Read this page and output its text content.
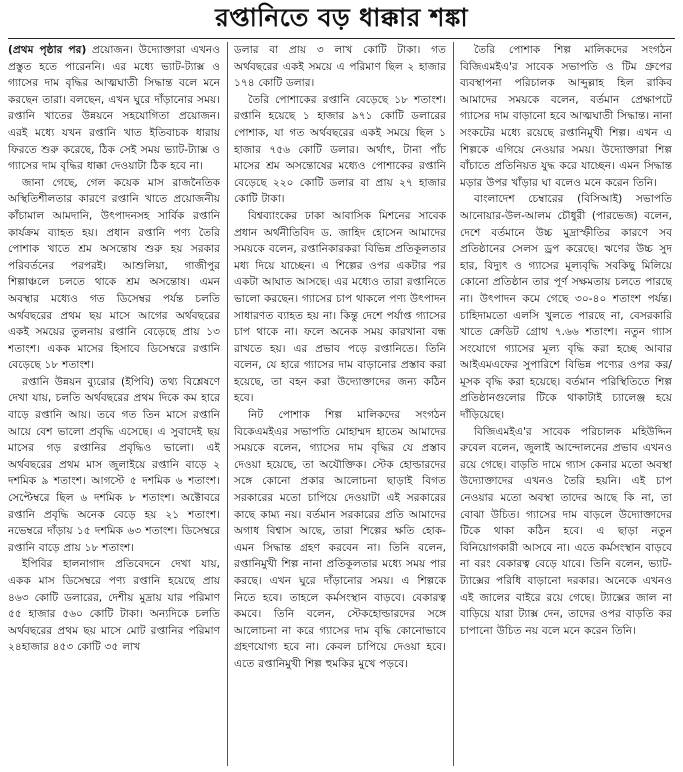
রপ্তানিতে বড় ধাক্কার শঙ্কা

(প্রথম পৃষ্ঠার পর) প্রয়োজন। উদ্যোক্তারা এখনও প্রস্তুত হতে পারেননি। এর মধ্যে ভ্যাট-ট্যাক্স ও গ্যাসের দাম বৃদ্ধির আত্মঘাতী সিদ্ধান্ত বলে মনে করছেন তারা। বলছেন, এখন ঘুরে দাঁড়ানোর সময়। রপ্তানি খাতের উন্নয়নে সহযোগিতা প্রয়োজন। এরই মধ্যে যখন রপ্তানি খাত ইতিবাচক ধারায় ফিরতে শুরু করেছে, ঠিক সেই সময় ভ্যাট-ট্যাক্স ও গ্যাসের দাম বৃদ্ধির ধাক্কা দেওয়াটা ঠিক হবে না।

জানা গেছে, গেল কয়েক মাস রাজনৈতিক অস্থিতিশীলতার কারণে রপ্তানি খাতে প্রয়োজনীয় কাঁচামাল আমদানি, উৎপাদনসহ সার্বিক রপ্তানি কার্যক্রম ব্যাহত হয়। প্রধান রপ্তানি পণ্য তৈরি পোশাক খাতে শ্রম অসন্তোষ শুরু হয় সরকার পরিবর্তনের পরপরই। আশুলিয়া, গাজীপুর শিল্পাঞ্চলে চলতে থাকে শ্রম অসন্তোষ। এমন অবস্থার মধ্যেও গত ডিসেম্বর পর্যন্ত চলতি অর্থবছরের প্রথম ছয় মাসে আগের অর্থবছরের একই সময়ের তুলনায় রপ্তানি বেড়েছে প্রায় ১৩ শতাংশ। একক মাসের হিসাবে ডিসেম্বরে রপ্তানি বেড়েছে ১৮ শতাংশ।

রপ্তানি উন্নয়ন ব্যুরোর (ইপিবি) তথ্য বিশ্লেষণে দেখা যায়, চলতি অর্থবছরের প্রথম দিকে কম হারে বাড়ে রপ্তানি আয়। তবে গত তিন মাসে রপ্তানি আয়ে বেশ ভালো প্রবৃদ্ধি এসেছে। এ সুবাদেই ছয় মাসের গড় রপ্তানির প্রবৃদ্ধিও ভালো। এই অর্থবছরের প্রথম মাস জুলাইয়ে রপ্তানি বাড়ে ২ দশমিক ৯ শতাংশ। আগস্টে ৫ দশমিক ৬ শতাংশ। সেপ্টেম্বরে ছিল ৬ দশমিক ৮ শতাংশ। অক্টোবরে রপ্তানি প্রবৃদ্ধি অনেক বেড়ে হয় ২১ শতাংশ। নভেম্বরে দাঁড়ায় ১৫ দশমিক ৬৩ শতাংশ। ডিসেম্বরে রপ্তানি বাড়ে প্রায় ১৮ শতাংশ।

ইপিবির হালনাগাদ প্রতিবেদনে দেখা যায়, একক মাস ডিসেম্বরে পণ্য রপ্তানি হয়েছে প্রায় ৪৬৩ কোটি ডলারের, দেশীয় মুদ্রায় যার পরিমাণ ৫৫ হাজার ৫৬০ কোটি টাকা। অন্যদিকে চলতি অর্থবছরের প্রথম ছয় মাসে মোট রপ্তানির পরিমাণ ২৪হাজার ৪৫৩ কোটি ৩৫ লাখ

ডলার বা প্রায় ৩ লাখ কোটি টাকা। গত অর্থবছরের একই সময়ে এ পরিমাণ ছিল ২ হাজার ১৭৪ কোটি ডলার।

তৈরি পোশাকের রপ্তানি বেড়েছে ১৮ শতাংশ। রপ্তানি হয়েছে ১ হাজার ৯৭১ কোটি ডলারের পোশাক, যা গত অর্থবছরের একই সময়ে ছিল ১ হাজার ৭৫৬ কোটি ডলার। অর্থাৎ, টানা পাঁচ মাসের শ্রম অসন্তোষের মধ্যেও পোশাকের রপ্তানি বেড়েছে ২২০ কোটি ডলার বা প্রায় ২৭ হাজার কোটি টাকা।

বিশ্বব্যাংকের ঢাকা আবাসিক মিশনের সাবেক প্রধান অর্থনীতিবিদ ড. জাহিদ হোসেন আমাদের সময়কে বলেন, রপ্তানিকারকরা বিভিন্ন প্রতিকূলতার মধ্য দিয়ে যাচ্ছেন। এ শিল্পের ওপর একটার পর একটা আঘাত আসছে। এর মধ্যেও তারা রপ্তানিতে ভালো করছেন। গ্যাসের চাপ থাকলে পণ্য উৎপাদন সাধারণত ব্যাহত হয় না। কিন্তু দেশে পর্যাপ্ত গ্যাসের চাপ থাকে না। ফলে অনেক সময় কারখানা বন্ধ রাখতে হয়। এর প্রভাব পড়ে রপ্তানিতে। তিনি বলেন, যে হারে গ্যাসের দাম বাড়ানোর প্রস্তাব করা হয়েছে, তা বহন করা উদ্যোক্তাদের জন্য কঠিন হবে।

নিট পোশাক শিল্প মালিকদের সংগঠন বিকেএমইএর সভাপতি মোহাম্মদ হাতেম আমাদের সময়কে বলেন, গ্যাসের দাম বৃদ্ধির যে প্রস্তাব দেওয়া হয়েছে, তা অযৌক্তিক। স্টেক হোল্ডারদের সঙ্গে কোনো প্রকার আলোচনা ছাড়াই বিগত সরকারের মতো চাপিয়ে দেওয়াটা এই সরকারের কাছে কাম্য নয়। বর্তমান সরকারের প্রতি আমাদের অগাধ বিশ্বাস আছে, তারা শিল্পের ক্ষতি হোক- এমন সিদ্ধান্ত গ্রহণ করবেন না। তিনি বলেন, রপ্তানিমুখী শিল্প নানা প্রতিকূলতার মধ্যে সময় পার করছে। এখন ঘুরে দাঁড়ানোর সময়। এ শিল্পকে নিতে হবে। তাহলে কর্মসংস্থান বাড়বে। বেকারত্ব কমবে। তিনি বলেন, স্টেকহোল্ডারদের সঙ্গে আলোচনা না করে গ্যাসের দাম বৃদ্ধি কোনোভাবে গ্রহণযোগ্য হবে না। কেবল চাপিয়ে দেওয়া হবে। এতে রপ্তানিমুখী শিল্প হুমকির মুখে পড়বে।

তৈরি পোশাক শিল্প মালিকদের সংগঠন বিজিএমইএ'র সাবেক সভাপতি ও টিম গ্রুপের ব্যবস্থাপনা পরিচালক আব্দুল্লাহ হিল রাকিব আমাদের সময়কে বলেন, বর্তমান প্রেক্ষাপটে গ্যাসের দাম বাড়ানো হবে আত্মঘাতী সিদ্ধান্ত। নানা সংকটের মধ্যে রয়েছে রপ্তানিমুখী শিল্প। এখন এ শিল্পকে এগিয়ে নেওয়ার সময়। উদ্যোক্তারা শিল্প বাঁচাতে প্রতিনিয়ত যুদ্ধ করে যাচ্ছেন। এমন সিদ্ধান্ত মড়ার উপর খাঁড়ার ঘা বলেও মনে করেন তিনি।

বাংলাদেশ চেম্বারের (বিসিআই) সভাপতি আনোয়ার-উল-আলম চৌধুরী (পারভেজ) বলেন, দেশে বর্তমানে উচ্চ মুদ্রাস্ফীতির কারণে সব প্রতিষ্ঠানের সেলস ড্রপ করেছে। ঋণের উচ্চ সুদ হার, বিদ্যুৎ ও গ্যাসের মূল্যবৃদ্ধি সবকিছু মিলিয়ে কোনো প্রতিষ্ঠান তার পূর্ণ সক্ষমতায় চলতে পারছে না। উৎপাদন কমে গেছে ৩০-৪০ শতাংশ পর্যন্ত। চাহিদামতো এলসি খুলতে পারছে না, বেসরকারি খাতে ক্রেডিট গ্রোথ ৭.৬৬ শতাংশ। নতুন গ্যাস সংযোগে গ্যাসের মূল্য বৃদ্ধি করা হচ্ছে আবার আইএমএফের সুপারিশে বিভিন্ন পণ্যের ওপর কর/মূসক বৃদ্ধি করা হয়েছে। বর্তমান পরিস্থিতিতে শিল্প প্রতিষ্ঠানগুলোর টিকে থাকাটাই চ্যালেঞ্জ হয়ে দাঁড়িয়েছে।

বিজিএমইএ'র সাবেক পরিচালক মহিউদ্দিন রুবেল বলেন, জুলাই আন্দোলনের প্রভাব এখনও রয়ে গেছে। বাড়তি দামে গ্যাস কেনার মতো অবস্থা উদ্যোক্তাদের এখনও তৈরি হয়নি। এই চাপ নেওয়ার মতো অবস্থা তাদের আছে কি না, তা বোঝা উচিত। গ্যাসের দাম বাড়লে উদ্যোক্তাদের টিকে থাকা কঠিন হবে। এ ছাড়া নতুন বিনিয়োগকারী আসবে না। এতে কর্মসংস্থান বাড়বে না বরং বেকারত্ব বেড়ে যাবে। তিনি বলেন, ভ্যাট-ট্যাক্সের পরিধি বাড়ানো দরকার। অনেকে এখনও এই জালের বাইরে রয়ে গেছে। ট্যাক্সের জাল না বাড়িয়ে যারা ট্যাক্স দেন, তাদের ওপর বাড়তি কর চাপানো উচিত নয় বলে মনে করেন তিনি।
